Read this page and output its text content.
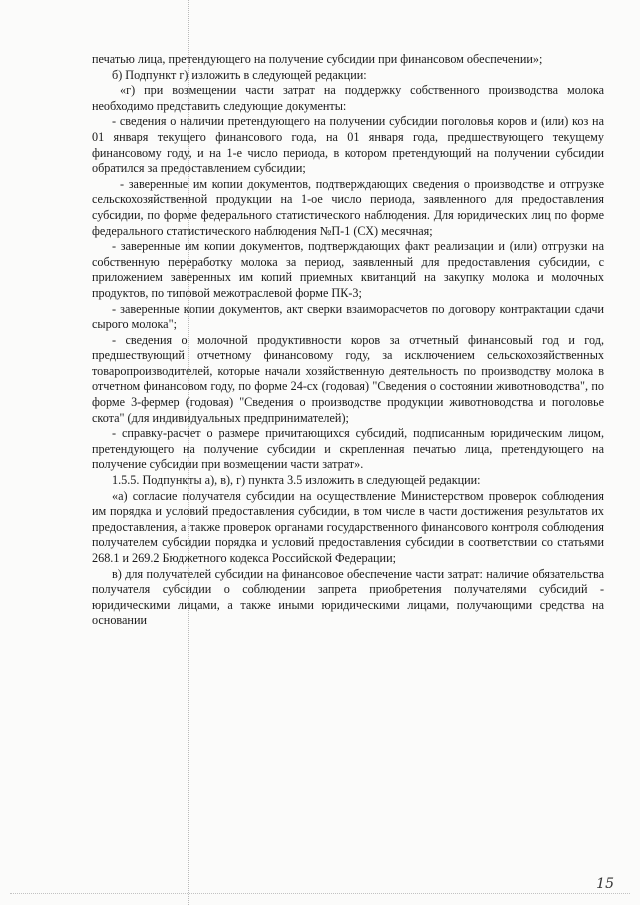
печатью лица, претендующего на получение субсидии при финансовом обеспечении»;

б) Подпункт г) изложить в следующей редакции:

«г) при возмещении части затрат на поддержку собственного производства молока необходимо представить следующие документы:

- сведения о наличии претендующего на получении субсидии поголовья коров и (или) коз на 01 января текущего финансового года, на 01 января года, предшествующего текущему финансовому году, и на 1-е число периода, в котором претендующий на получении субсидии обратился за предоставлением субсидии;

- заверенные им копии документов, подтверждающих сведения о производстве и отгрузке сельскохозяйственной продукции на 1-ое число периода, заявленного для предоставления субсидии, по форме федерального статистического наблюдения. Для юридических лиц по форме федерального статистического наблюдения №П-1 (СХ) месячная;

- заверенные им копии документов, подтверждающих факт реализации и (или) отгрузки на собственную переработку молока за период, заявленный для предоставления субсидии, с приложением заверенных им копий приемных квитанций на закупку молока и молочных продуктов, по типовой межотраслевой форме ПК-3;

- заверенные копии документов, акт сверки взаиморасчетов по договору контрактации сдачи сырого молока";

- сведения о молочной продуктивности коров за отчетный финансовый год и год, предшествующий отчетному финансовому году, за исключением сельскохозяйственных товаропроизводителей, которые начали хозяйственную деятельность по производству молока в отчетном финансовом году, по форме 24-сх (годовая) "Сведения о состоянии животноводства", по форме 3-фермер (годовая) "Сведения о производстве продукции животноводства и поголовье скота" (для индивидуальных предпринимателей);

- справку-расчет о размере причитающихся субсидий, подписанным юридическим лицом, претендующего на получение субсидии и скрепленная печатью лица, претендующего на получение субсидии при возмещении части затрат».

1.5.5. Подпункты а), в), г) пункта 3.5 изложить в следующей редакции:

«а) согласие получателя субсидии на осуществление Министерством проверок соблюдения им порядка и условий предоставления субсидии, в том числе в части достижения результатов их предоставления, а также проверок органами государственного финансового контроля соблюдения получателем субсидии порядка и условий предоставления субсидии в соответствии со статьями 268.1 и 269.2 Бюджетного кодекса Российской Федерации;

в) для получателей субсидии на финансовое обеспечение части затрат: наличие обязательства получателя субсидии о соблюдении запрета приобретения получателями субсидий - юридическими лицами, а также иными юридическими лицами, получающими средства на основании

15
